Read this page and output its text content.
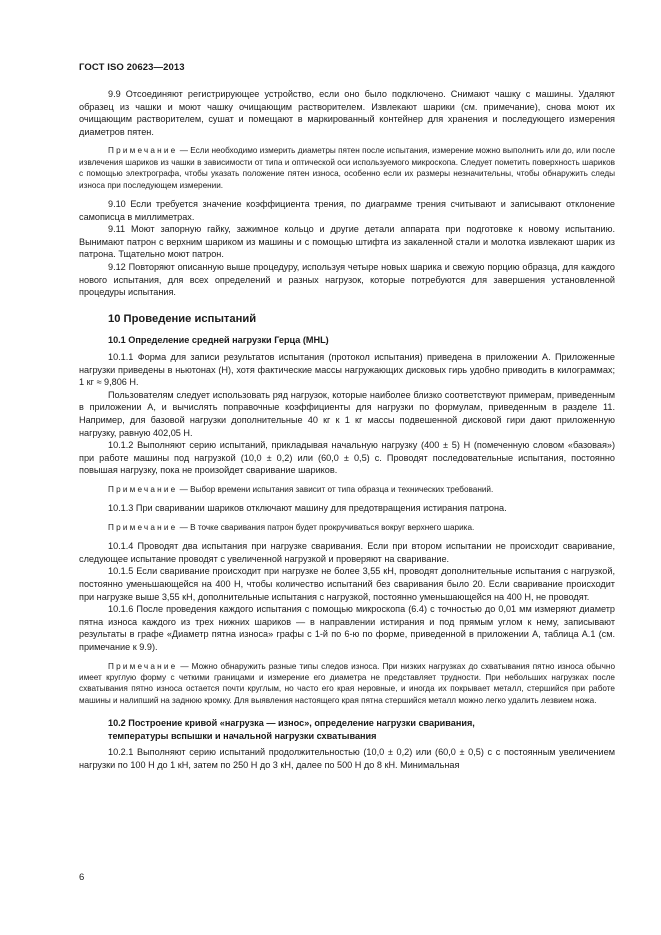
ГОСТ ISO 20623—2013

9.9 Отсоединяют регистрирующее устройство, если оно было подключено. Снимают чашку с машины. Удаляют образец из чашки и моют чашку очищающим растворителем. Извлекают шарики (см. примечание), снова моют их очищающим растворителем, сушат и помещают в маркированный контейнер для хранения и последующего измерения диаметров пятен.

Примечание — Если необходимо измерить диаметры пятен после испытания, измерение можно выполнить или до, или после извлечения шариков из чашки в зависимости от типа и оптической оси используемого микроскопа. Следует пометить поверхность шариков с помощью электрографа, чтобы указать положение пятен износа, особенно если их размеры незначительны, чтобы обнаружить следы износа при последующем измерении.

9.10 Если требуется значение коэффициента трения, по диаграмме трения считывают и записывают отклонение самописца в миллиметрах.

9.11 Моют запорную гайку, зажимное кольцо и другие детали аппарата при подготовке к новому испытанию. Вынимают патрон с верхним шариком из машины и с помощью штифта из закаленной стали и молотка извлекают шарик из патрона. Тщательно моют патрон.

9.12 Повторяют описанную выше процедуру, используя четыре новых шарика и свежую порцию образца, для каждого нового испытания, для всех определений и разных нагрузок, которые потребуются для завершения установленной процедуры испытания.

10 Проведение испытаний
10.1 Определение средней нагрузки Герца (MHL)

10.1.1 Форма для записи результатов испытания (протокол испытания) приведена в приложении А. Приложенные нагрузки приведены в ньютонах (Н), хотя фактические массы нагружающих дисковых гирь удобно приводить в килограммах; 1 кг ≈ 9,806 Н.

Пользователям следует использовать ряд нагрузок, которые наиболее близко соответствуют примерам, приведенным в приложении А, и вычислять поправочные коэффициенты для нагрузки по формулам, приведенным в разделе 11. Например, для базовой нагрузки дополнительные 40 кг к 1 кг массы подвешенной дисковой гири дают приложенную нагрузку, равную 402,05 Н.

10.1.2 Выполняют серию испытаний, прикладывая начальную нагрузку (400 ± 5) Н (помеченную словом «базовая») при работе машины под нагрузкой (10,0 ± 0,2) или (60,0 ± 0,5) с. Проводят последовательные испытания, постоянно повышая нагрузку, пока не произойдет сваривание шариков.

Примечание — Выбор времени испытания зависит от типа образца и технических требований.

10.1.3 При сваривании шариков отключают машину для предотвращения истирания патрона.

Примечание — В точке сваривания патрон будет прокручиваться вокруг верхнего шарика.

10.1.4 Проводят два испытания при нагрузке сваривания. Если при втором испытании не происходит сваривание, следующее испытание проводят с увеличенной нагрузкой и проверяют на сваривание.

10.1.5 Если сваривание происходит при нагрузке не более 3,55 кН, проводят дополнительные испытания с нагрузкой, постоянно уменьшающейся на 400 Н, чтобы количество испытаний без сваривания было 20. Если сваривание происходит при нагрузке выше 3,55 кН, дополнительные испытания с нагрузкой, постоянно уменьшающейся на 400 Н, не проводят.

10.1.6 После проведения каждого испытания с помощью микроскопа (6.4) с точностью до 0,01 мм измеряют диаметр пятна износа каждого из трех нижних шариков — в направлении истирания и под прямым углом к нему, записывают результаты в графе «Диаметр пятна износа» графы с 1-й по 6-ю по форме, приведенной в приложении А, таблица А.1 (см. примечание к 9.9).

Примечание — Можно обнаружить разные типы следов износа. При низких нагрузках до схватывания пятно износа обычно имеет круглую форму с четкими границами и измерение его диаметра не представляет трудности. При небольших нагрузках после схватывания пятно износа остается почти круглым, но часто его края неровные, и иногда их покрывает металл, стершийся при работе машины и налипший на заднюю кромку. Для выявления настоящего края пятна стершийся металл можно легко удалить лезвием ножа.

10.2 Построение кривой «нагрузка — износ», определение нагрузки сваривания,
температуры вспышки и начальной нагрузки схватывания

10.2.1 Выполняют серию испытаний продолжительностью (10,0 ± 0,2) или (60,0 ± 0,5) с с постоянным увеличением нагрузки по 100 Н до 1 кН, затем по 250 Н до 3 кН, далее по 500 Н до 8 кН. Минимальная

6
